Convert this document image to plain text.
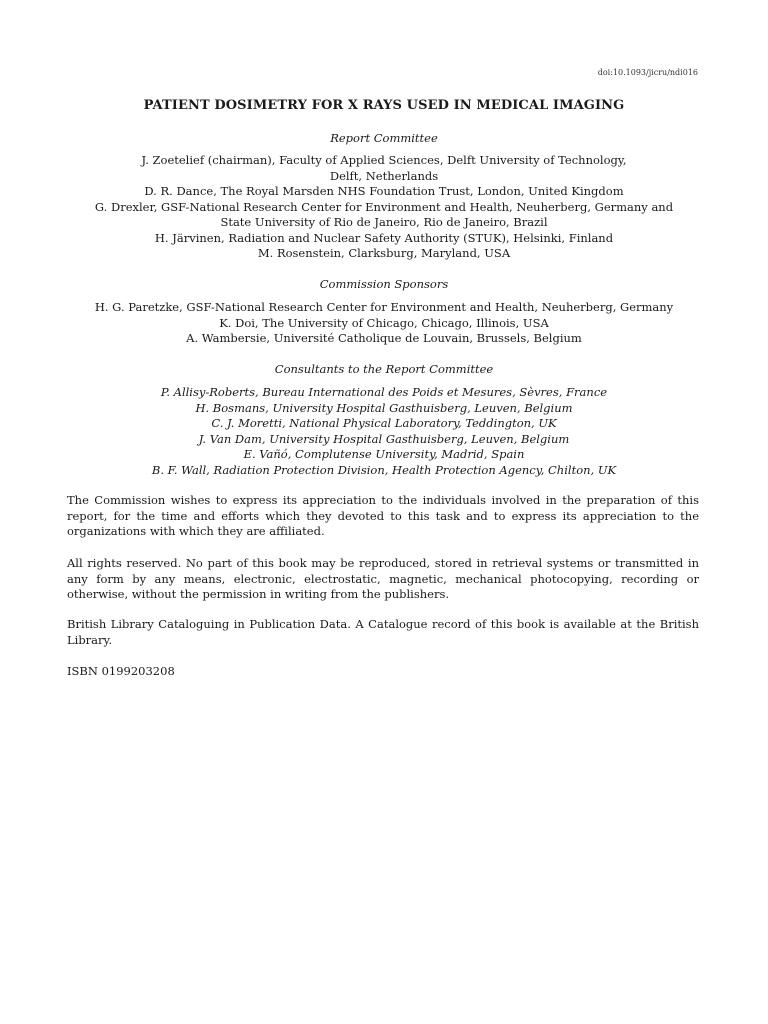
doi:10.1093/jicru/ndi016
PATIENT DOSIMETRY FOR X RAYS USED IN MEDICAL IMAGING
Report Committee
J. Zoetelief (chairman), Faculty of Applied Sciences, Delft University of Technology,
Delft, Netherlands
D. R. Dance, The Royal Marsden NHS Foundation Trust, London, United Kingdom
G. Drexler, GSF-National Research Center for Environment and Health, Neuherberg, Germany and
State University of Rio de Janeiro, Rio de Janeiro, Brazil
H. Järvinen, Radiation and Nuclear Safety Authority (STUK), Helsinki, Finland
M. Rosenstein, Clarksburg, Maryland, USA
Commission Sponsors
H. G. Paretzke, GSF-National Research Center for Environment and Health, Neuherberg, Germany
K. Doi, The University of Chicago, Chicago, Illinois, USA
A. Wambersie, Université Catholique de Louvain, Brussels, Belgium
Consultants to the Report Committee
P. Allisy-Roberts, Bureau International des Poids et Mesures, Sèvres, France
H. Bosmans, University Hospital Gasthuisberg, Leuven, Belgium
C. J. Moretti, National Physical Laboratory, Teddington, UK
J. Van Dam, University Hospital Gasthuisberg, Leuven, Belgium
E. Vañó, Complutense University, Madrid, Spain
B. F. Wall, Radiation Protection Division, Health Protection Agency, Chilton, UK
The Commission wishes to express its appreciation to the individuals involved in the preparation of this report, for the time and efforts which they devoted to this task and to express its appreciation to the organizations with which they are affiliated.
All rights reserved. No part of this book may be reproduced, stored in retrieval systems or transmitted in any form by any means, electronic, electrostatic, magnetic, mechanical photocopying, recording or otherwise, without the permission in writing from the publishers.
British Library Cataloguing in Publication Data. A Catalogue record of this book is available at the British Library.
ISBN 0199203208
